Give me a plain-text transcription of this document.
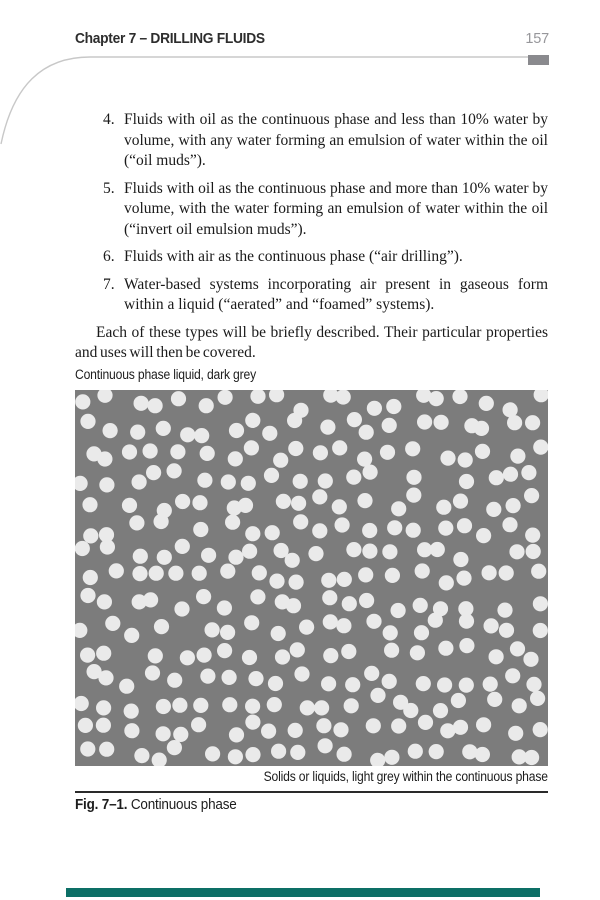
Chapter 7 – DRILLING FLUIDS	157
4. Fluids with oil as the continuous phase and less than 10% water by volume, with any water forming an emulsion of water within the oil (“oil muds”).
5. Fluids with oil as the continuous phase and more than 10% water by volume, with the water forming an emulsion of water within the oil (“invert oil emulsion muds”).
6. Fluids with air as the continuous phase (“air drilling”).
7. Water-based systems incorporating air present in gaseous form within a liquid (“aerated” and “foamed” systems).

Each of these types will be briefly described. Their particular properties and uses will then be covered.

Continuous phase liquid, dark grey
Solids or liquids, light grey within the continuous phase
Fig. 7–1. Continuous phase
